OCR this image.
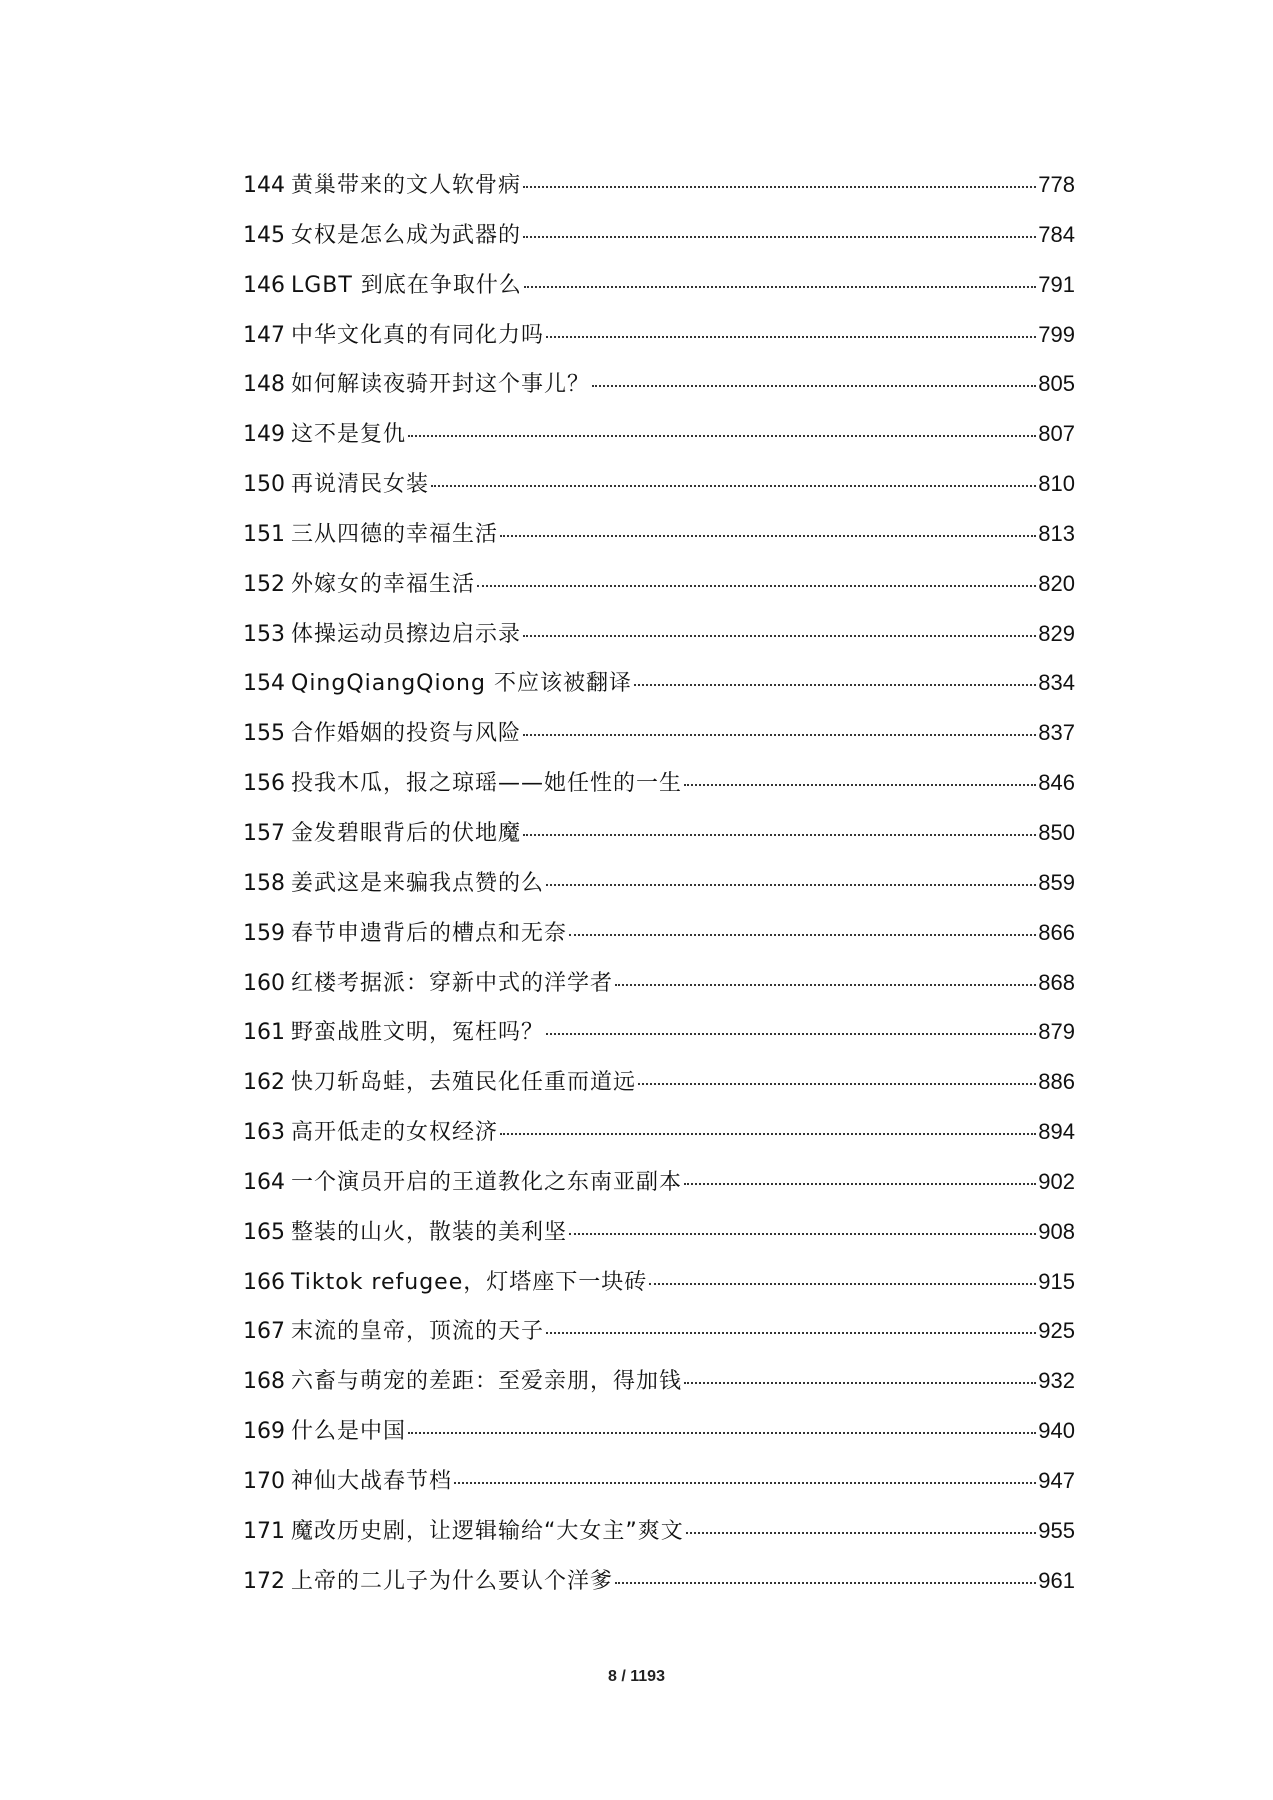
144 黄巢带来的文人软骨病	778
145 女权是怎么成为武器的	784
146 LGBT 到底在争取什么	791
147 中华文化真的有同化力吗	799
148 如何解读夜骑开封这个事儿？	805
149 这不是复仇	807
150 再说清民女装	810
151 三从四德的幸福生活	813
152 外嫁女的幸福生活	820
153 体操运动员擦边启示录	829
154 QingQiangQiong 不应该被翻译	834
155 合作婚姻的投资与风险	837
156 投我木瓜，报之琼瑶——她任性的一生	846
157 金发碧眼背后的伏地魔	850
158 姜武这是来骗我点赞的么	859
159 春节申遗背后的槽点和无奈	866
160 红楼考据派：穿新中式的洋学者	868
161 野蛮战胜文明，冤枉吗？	879
162 快刀斩岛蛙，去殖民化任重而道远	886
163 高开低走的女权经济	894
164 一个演员开启的王道教化之东南亚副本	902
165 整装的山火，散装的美利坚	908
166 Tiktok refugee，灯塔座下一块砖	915
167 末流的皇帝，顶流的天子	925
168 六畜与萌宠的差距：至爱亲朋，得加钱	932
169 什么是中国	940
170 神仙大战春节档	947
171 魔改历史剧，让逻辑输给“大女主”爽文	955
172 上帝的二儿子为什么要认个洋爹	961
8 / 1193
